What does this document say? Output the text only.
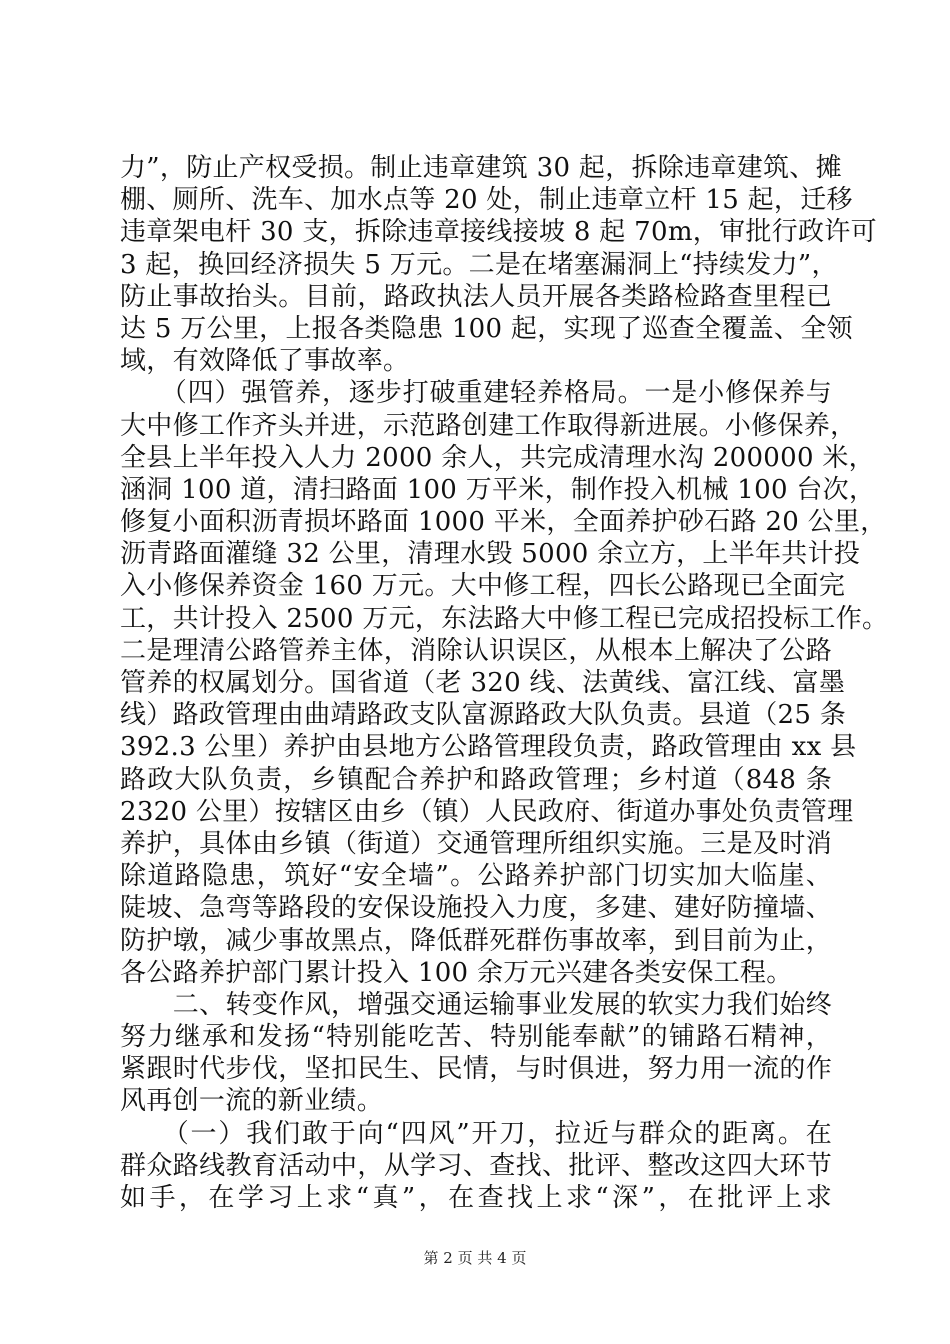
力”，防止产权受损。制止违章建筑 30 起，拆除违章建筑、摊
棚、厕所、洗车、加水点等 20 处，制止违章立杆 15 起，迁移
违章架电杆 30 支，拆除违章接线接坡 8 起 70m，审批行政许可
3 起，换回经济损失 5 万元。二是在堵塞漏洞上“持续发力”，
防止事故抬头。目前，路政执法人员开展各类路检路查里程已
达 5 万公里，上报各类隐患 100 起，实现了巡查全覆盖、全领
域，有效降低了事故率。
　　（四）强管养，逐步打破重建轻养格局。一是小修保养与
大中修工作齐头并进，示范路创建工作取得新进展。小修保养，
全县上半年投入人力 2000 余人，共完成清理水沟 200000 米，
涵洞 100 道，清扫路面 100 万平米，制作投入机械 100 台次，
修复小面积沥青损坏路面 1000 平米，全面养护砂石路 20 公里，
沥青路面灌缝 32 公里，清理水毁 5000 余立方，上半年共计投
入小修保养资金 160 万元。大中修工程，四长公路现已全面完
工，共计投入 2500 万元，东法路大中修工程已完成招投标工作。
二是理清公路管养主体，消除认识误区，从根本上解决了公路
管养的权属划分。国省道（老 320 线、法黄线、富江线、富墨
线）路政管理由曲靖路政支队富源路政大队负责。县道（25 条
392.3 公里）养护由县地方公路管理段负责，路政管理由 xx 县
路政大队负责，乡镇配合养护和路政管理；乡村道（848 条
2320 公里）按辖区由乡（镇）人民政府、街道办事处负责管理
养护，具体由乡镇（街道）交通管理所组织实施。三是及时消
除道路隐患，筑好“安全墙”。公路养护部门切实加大临崖、
陡坡、急弯等路段的安保设施投入力度，多建、建好防撞墙、
防护墩，减少事故黑点，降低群死群伤事故率，到目前为止，
各公路养护部门累计投入 100 余万元兴建各类安保工程。
　　二、转变作风，增强交通运输事业发展的软实力我们始终
努力继承和发扬“特别能吃苦、特别能奉献”的铺路石精神，
紧跟时代步伐，坚扣民生、民情，与时俱进，努力用一流的作
风再创一流的新业绩。
　　（一）我们敢于向“四风”开刀，拉近与群众的距离。在
群众路线教育活动中，从学习、查找、批评、整改这四大环节
如手，在学习上求“真”，在查找上求“深”，在批评上求
第 2 页 共 4 页
